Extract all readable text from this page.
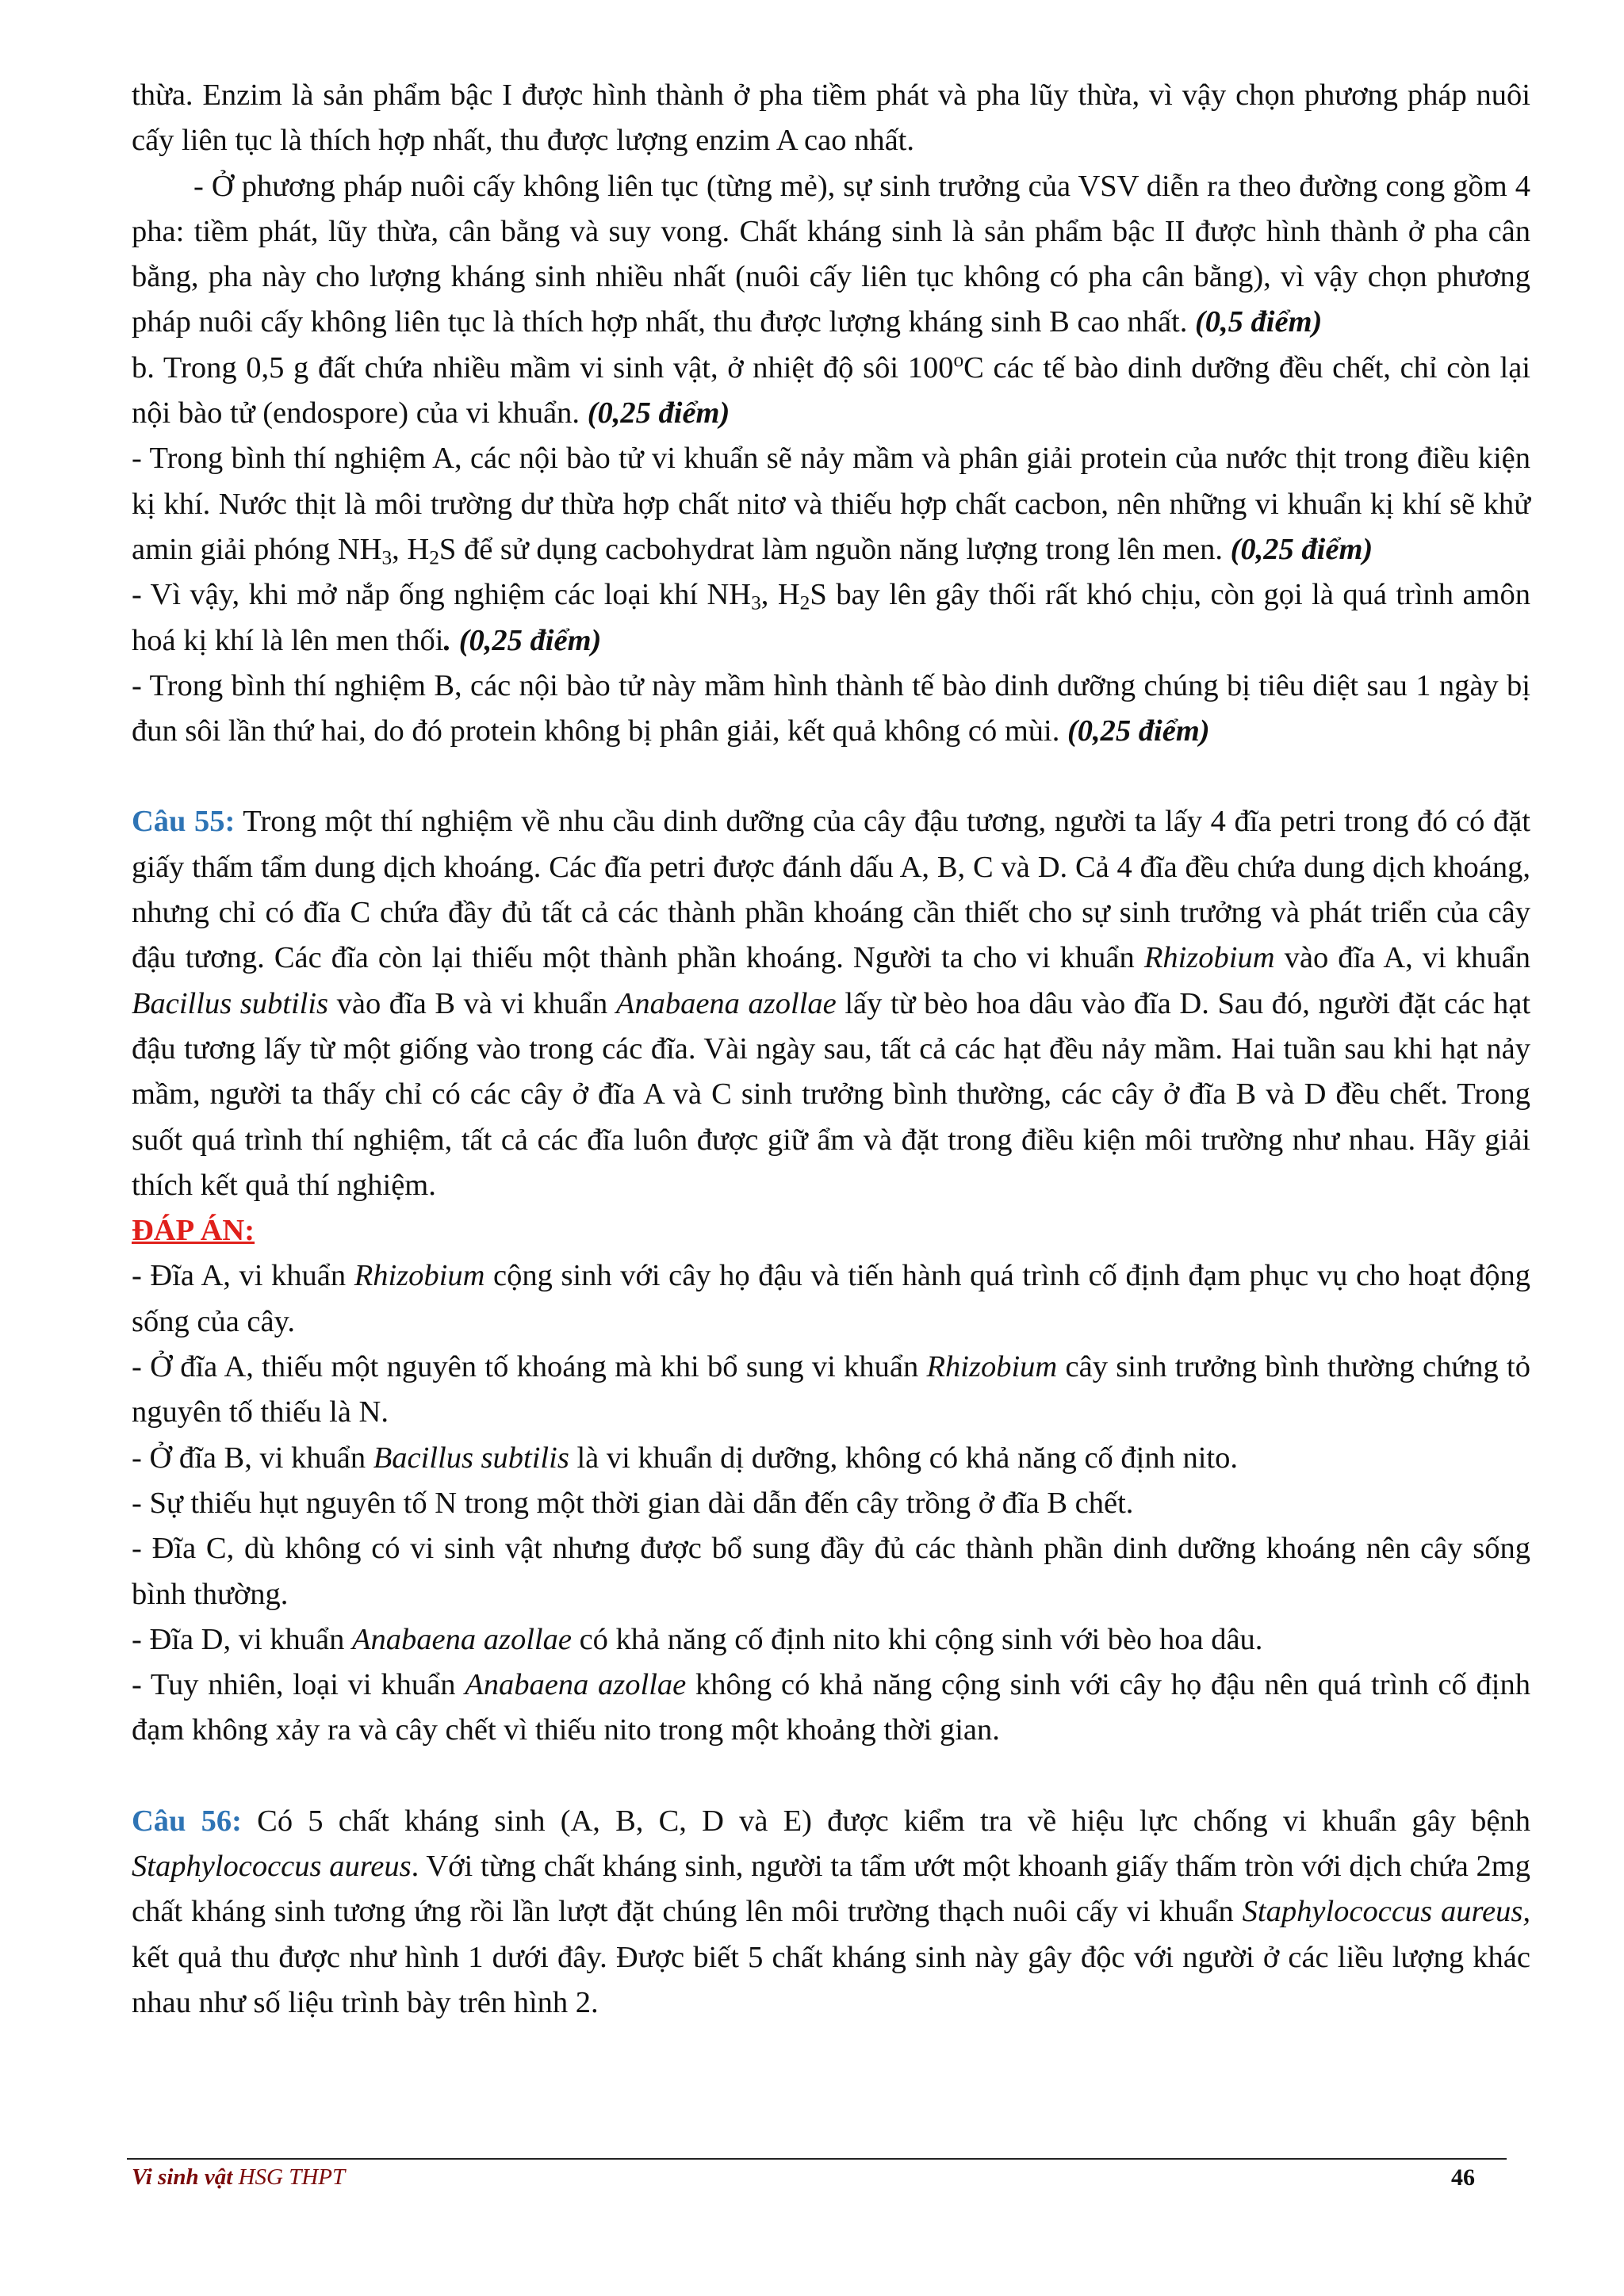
thừa. Enzim là sản phẩm bậc I được hình thành ở pha tiềm phát và pha lũy thừa, vì vậy chọn phương pháp nuôi cấy liên tục là thích hợp nhất, thu được lượng enzim A cao nhất.

- Ở phương pháp nuôi cấy không liên tục (từng mẻ), sự sinh trưởng của VSV diễn ra theo đường cong gồm 4 pha: tiềm phát, lũy thừa, cân bằng và suy vong. Chất kháng sinh là sản phẩm bậc II được hình thành ở pha cân bằng, pha này cho lượng kháng sinh nhiều nhất (nuôi cấy liên tục không có pha cân bằng), vì vậy chọn phương pháp nuôi cấy không liên tục là thích hợp nhất, thu được lượng kháng sinh B cao nhất. (0,5 điểm)

b. Trong 0,5 g đất chứa nhiều mầm vi sinh vật, ở nhiệt độ sôi 100$^o$C các tế bào dinh dưỡng đều chết, chỉ còn lại nội bào tử (endospore) của vi khuẩn. (0,25 điểm)

- Trong bình thí nghiệm A, các nội bào tử vi khuẩn sẽ nảy mầm và phân giải protein của nước thịt trong điều kiện kị khí. Nước thịt là môi trường dư thừa hợp chất nitơ và thiếu hợp chất cacbon, nên những vi khuẩn kị khí sẽ khử amin giải phóng $NH_3$, $H_2S$ để sử dụng cacbohydrat làm nguồn năng lượng trong lên men. (0,25 điểm)

- Vì vậy, khi mở nắp ống nghiệm các loại khí $NH_3$, $H_2S$ bay lên gây thối rất khó chịu, còn gọi là quá trình amôn hoá kị khí là lên men thối. (0,25 điểm)

- Trong bình thí nghiệm B, các nội bào tử này mầm hình thành tế bào dinh dưỡng chúng bị tiêu diệt sau 1 ngày bị đun sôi lần thứ hai, do đó protein không bị phân giải, kết quả không có mùi. (0,25 điểm)

Câu 55: Trong một thí nghiệm về nhu cầu dinh dưỡng của cây đậu tương, người ta lấy 4 đĩa petri trong đó có đặt giấy thấm tẩm dung dịch khoáng. Các đĩa petri được đánh dấu A, B, C và D. Cả 4 đĩa đều chứa dung dịch khoáng, nhưng chỉ có đĩa C chứa đầy đủ tất cả các thành phần khoáng cần thiết cho sự sinh trưởng và phát triển của cây đậu tương. Các đĩa còn lại thiếu một thành phần khoáng. Người ta cho vi khuẩn Rhizobium vào đĩa A, vi khuẩn Bacillus subtilis vào đĩa B và vi khuẩn Anabaena azollae lấy từ bèo hoa dâu vào đĩa D. Sau đó, người đặt các hạt đậu tương lấy từ một giống vào trong các đĩa. Vài ngày sau, tất cả các hạt đều nảy mầm. Hai tuần sau khi hạt nảy mầm, người ta thấy chỉ có các cây ở đĩa A và C sinh trưởng bình thường, các cây ở đĩa B và D đều chết. Trong suốt quá trình thí nghiệm, tất cả các đĩa luôn được giữ ẩm và đặt trong điều kiện môi trường như nhau. Hãy giải thích kết quả thí nghiệm.

ĐÁP ÁN:

- Đĩa A, vi khuẩn Rhizobium cộng sinh với cây họ đậu và tiến hành quá trình cố định đạm phục vụ cho hoạt động sống của cây.

- Ở đĩa A, thiếu một nguyên tố khoáng mà khi bổ sung vi khuẩn Rhizobium cây sinh trưởng bình thường chứng tỏ nguyên tố thiếu là N.

- Ở đĩa B, vi khuẩn Bacillus subtilis là vi khuẩn dị dưỡng, không có khả năng cố định nito.

- Sự thiếu hụt nguyên tố N trong một thời gian dài dẫn đến cây trồng ở đĩa B chết.

- Đĩa C, dù không có vi sinh vật nhưng được bổ sung đầy đủ các thành phần dinh dưỡng khoáng nên cây sống bình thường.

- Đĩa D, vi khuẩn Anabaena azollae có khả năng cố định nito khi cộng sinh với bèo hoa dâu.

- Tuy nhiên, loại vi khuẩn Anabaena azollae không có khả năng cộng sinh với cây họ đậu nên quá trình cố định đạm không xảy ra và cây chết vì thiếu nito trong một khoảng thời gian.

Câu 56: Có 5 chất kháng sinh (A, B, C, D và E) được kiểm tra về hiệu lực chống vi khuẩn gây bệnh Staphylococcus aureus. Với từng chất kháng sinh, người ta tẩm ướt một khoanh giấy thấm tròn với dịch chứa 2mg chất kháng sinh tương ứng rồi lần lượt đặt chúng lên môi trường thạch nuôi cấy vi khuẩn Staphylococcus aureus, kết quả thu được như hình 1 dưới đây. Được biết 5 chất kháng sinh này gây độc với người ở các liều lượng khác nhau như số liệu trình bày trên hình 2.

Vi sinh vật HSG THPT	46
